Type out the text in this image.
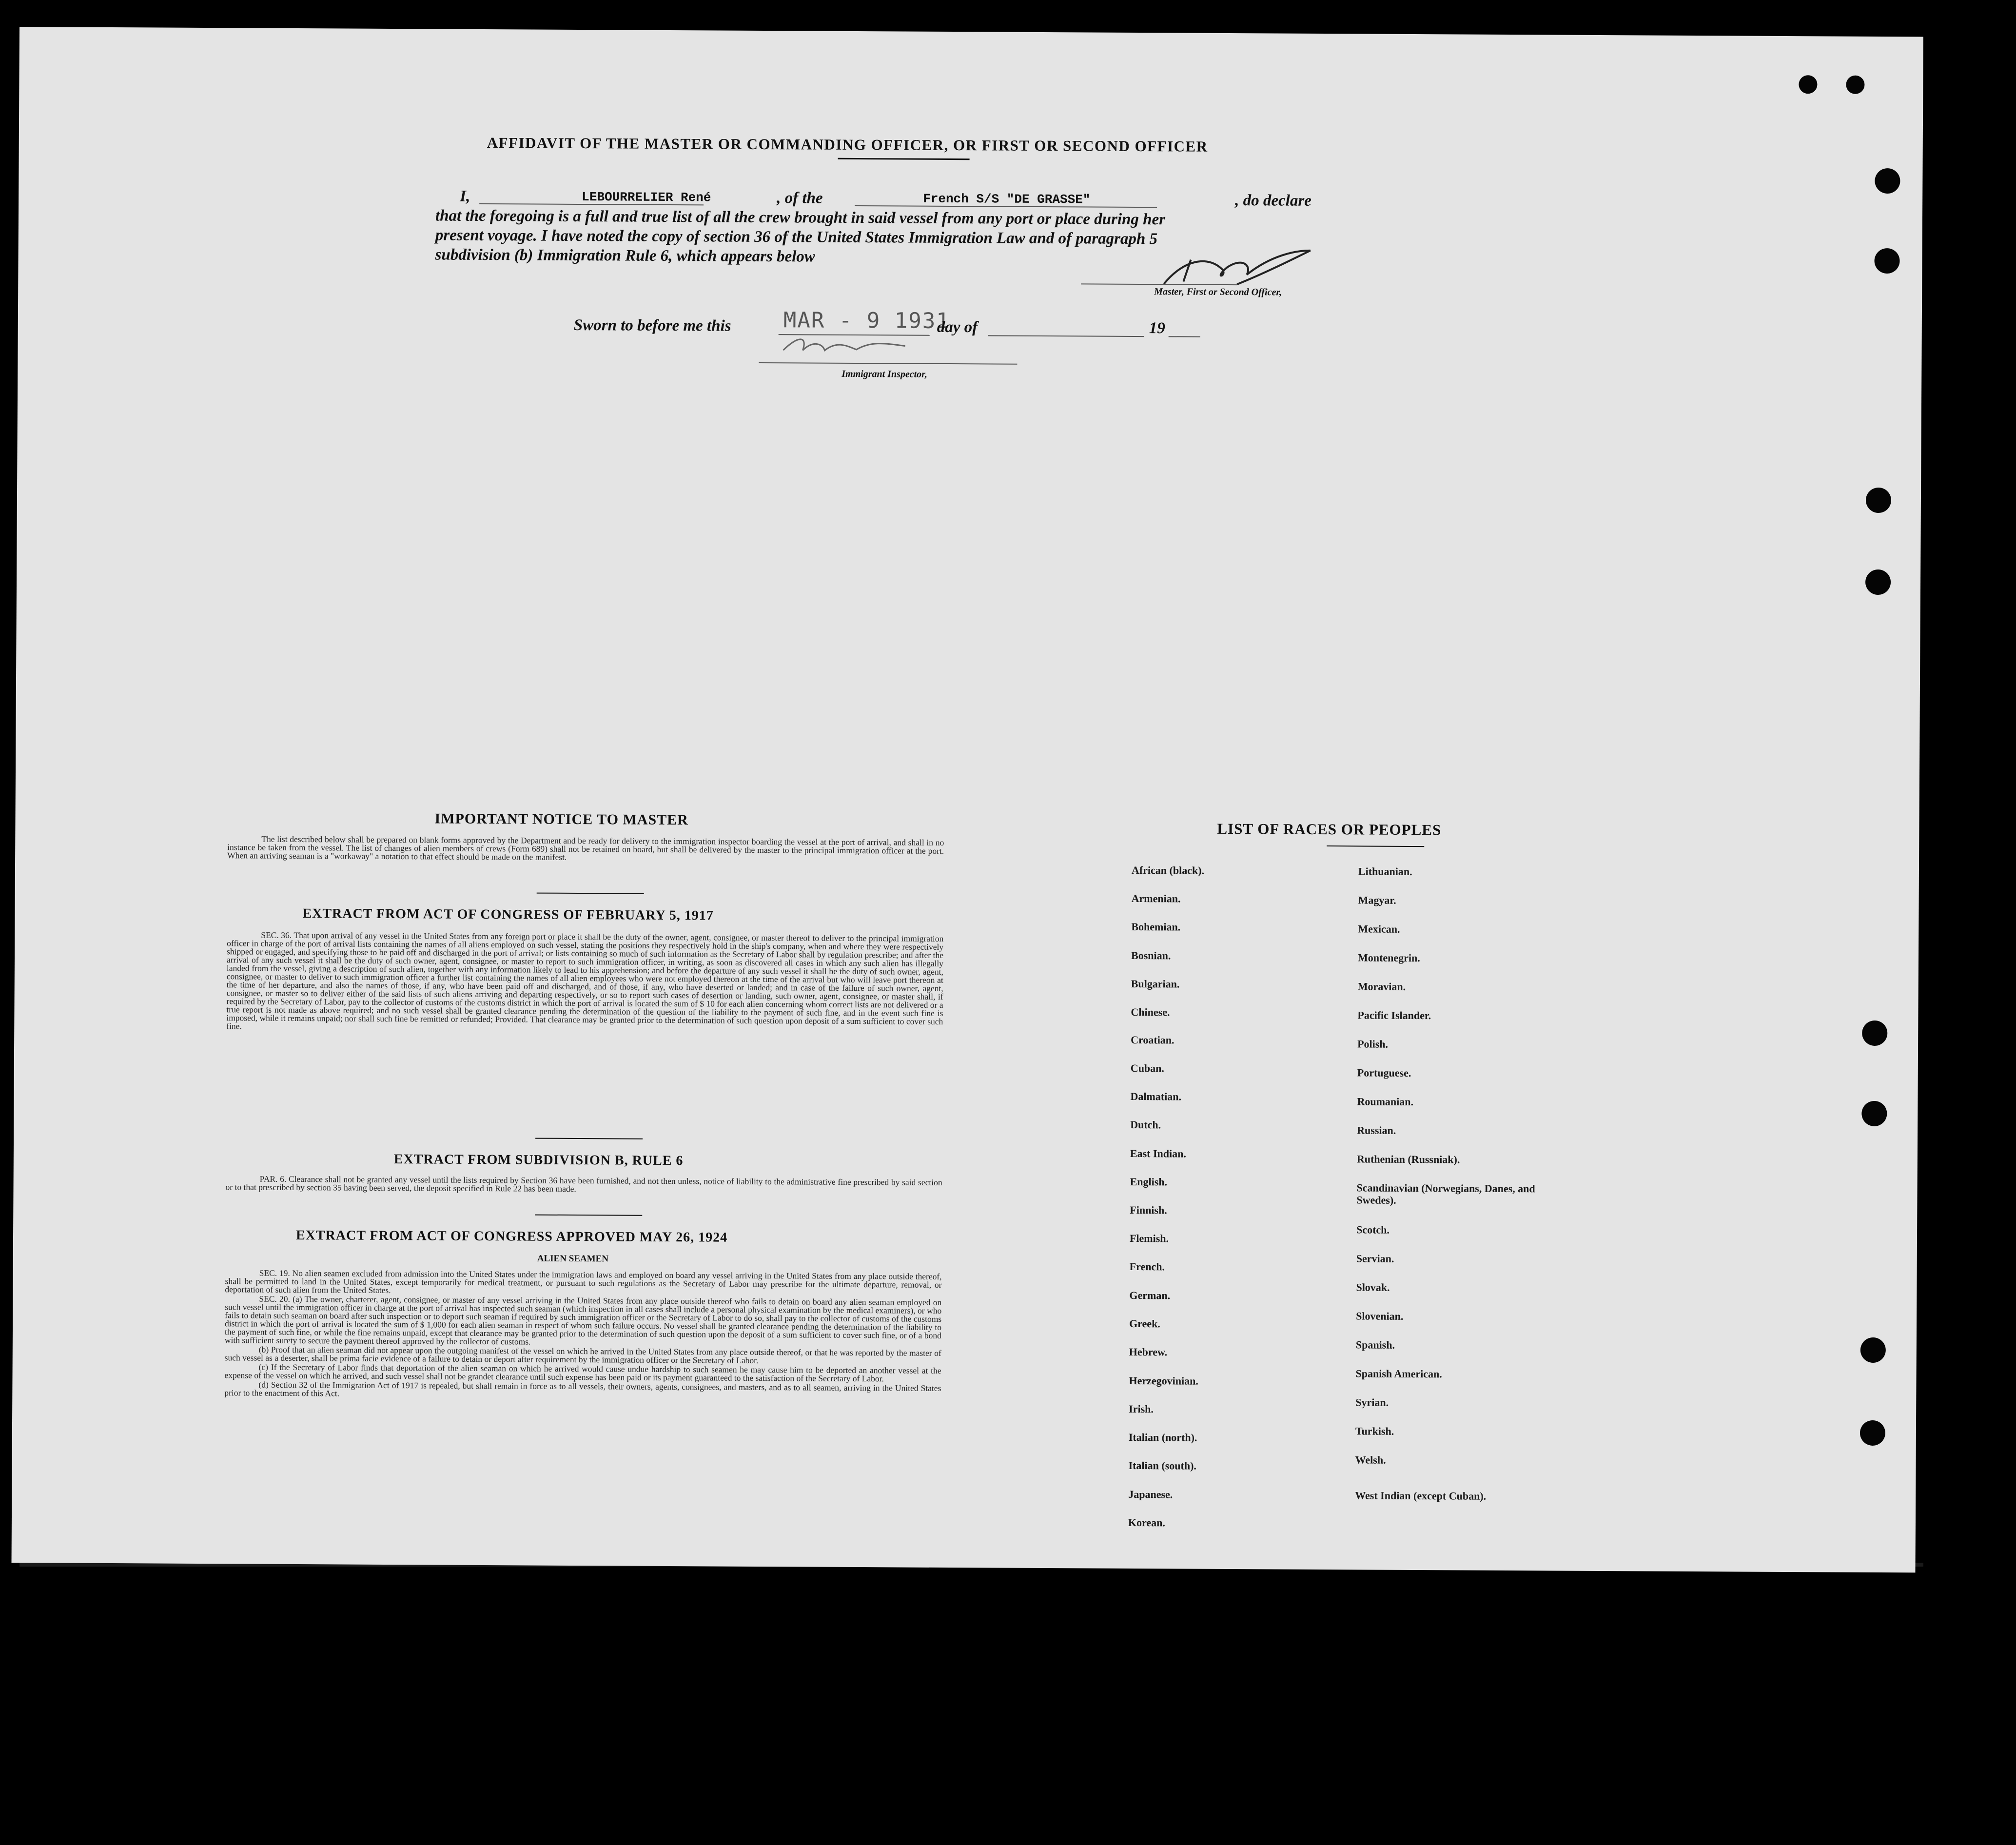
AFFIDAVIT OF THE MASTER OR COMMANDING OFFICER, OR FIRST OR SECOND OFFICER

I,	LEBOURRELIER René	, of the	French S/S "DE GRASSE"	, do declare

that the foregoing is a full and true list of all the crew brought in said vessel from any port or place during her

present voyage. I have noted the copy of section 36 of the United States Immigration Law and of paragraph 5

subdivision (b) Immigration Rule 6, which appears below

Master, First or Second Officer,
Sworn to before me this MAR - 9 1931
day of	19
Immigrant Inspector,
IMPORTANT NOTICE TO MASTER

The list described below shall be prepared on blank forms approved by the Department and be ready for delivery to the immigration inspector boarding the vessel at the port of arrival, and shall in no instance be taken from the vessel. The list of changes of alien members of crews (Form 689) shall not be retained on board, but shall be delivered by the master to the principal immigration officer at the port. When an arriving seaman is a "workaway" a notation to that effect should be made on the manifest.

EXTRACT FROM ACT OF CONGRESS OF FEBRUARY 5, 1917

SEC. 36. That upon arrival of any vessel in the United States from any foreign port or place it shall be the duty of the owner, agent, consignee, or master thereof to deliver to the principal immigration officer in charge of the port of arrival lists containing the names of all aliens employed on such vessel, stating the positions they respectively hold in the ship's company, when and where they were respectively shipped or engaged, and specifying those to be paid off and discharged in the port of arrival; or lists containing so much of such information as the Secretary of Labor shall by regulation prescribe; and after the arrival of any such vessel it shall be the duty of such owner, agent, consignee, or master to report to such immigration officer, in writing, as soon as discovered all cases in which any such alien has illegally landed from the vessel, giving a description of such alien, together with any information likely to lead to his apprehension; and before the departure of any such vessel it shall be the duty of such owner, agent, consignee, or master to deliver to such immigration officer a further list containing the names of all alien employees who were not employed thereon at the time of the arrival but who will leave port thereon at the time of her departure, and also the names of those, if any, who have been paid off and discharged, and of those, if any, who have deserted or landed; and in case of the failure of such owner, agent, consignee, or master so to deliver either of the said lists of such aliens arriving and departing respectively, or so to report such cases of desertion or landing, such owner, agent, consignee, or master shall, if required by the Secretary of Labor, pay to the collector of customs of the customs district in which the port of arrival is located the sum of $ 10 for each alien concerning whom correct lists are not delivered or a true report is not made as above required; and no such vessel shall be granted clearance pending the determination of the question of the liability to the payment of such fine, and in the event such fine is imposed, while it remains unpaid; nor shall such fine be remitted or refunded; Provided. That clearance may be granted prior to the determination of such question upon deposit of a sum sufficient to cover such fine.

EXTRACT FROM SUBDIVISION B, RULE 6

PAR. 6. Clearance shall not be granted any vessel until the lists required by Section 36 have been furnished, and not then unless, notice of liability to the administrative fine prescribed by said section or to that prescribed by section 35 having been served, the deposit specified in Rule 22 has been made.

EXTRACT FROM ACT OF CONGRESS APPROVED MAY 26, 1924
ALIEN SEAMEN

SEC. 19. No alien seamen excluded from admission into the United States under the immigration laws and employed on board any vessel arriving in the United States from any place outside thereof, shall be permitted to land in the United States, except temporarily for medical treatment, or pursuant to such regulations as the Secretary of Labor may prescribe for the ultimate departure, removal, or deportation of such alien from the United States.

SEC. 20. (a) The owner, charterer, agent, consignee, or master of any vessel arriving in the United States from any place outside thereof who fails to detain on board any alien seaman employed on such vessel until the immigration officer in charge at the port of arrival has inspected such seaman (which inspection in all cases shall include a personal physical examination by the medical examiners), or who fails to detain such seaman on board after such inspection or to deport such seaman if required by such immigration officer or the Secretary of Labor to do so, shall pay to the collector of customs of the customs district in which the port of arrival is located the sum of $ 1,000 for each alien seaman in respect of whom such failure occurs. No vessel shall be granted clearance pending the determination of the liability to the payment of such fine, or while the fine remains unpaid, except that clearance may be granted prior to the determination of such question upon the deposit of a sum sufficient to cover such fine, or of a bond with sufficient surety to secure the payment thereof approved by the collector of customs.

(b) Proof that an alien seaman did not appear upon the outgoing manifest of the vessel on which he arrived in the United States from any place outside thereof, or that he was reported by the master of such vessel as a deserter, shall be prima facie evidence of a failure to detain or deport after requirement by the immigration officer or the Secretary of Labor.

(c) If the Secretary of Labor finds that deportation of the alien seaman on which he arrived would cause undue hardship to such seamen he may cause him to be deported an another vessel at the expense of the vessel on which he arrived, and such vessel shall not be grandet clearance until such expense has been paid or its payment guaranteed to the satisfaction of the Secretary of Labor.

(d) Section 32 of the Immigration Act of 1917 is repealed, but shall remain in force as to all vessels, their owners, agents, consignees, and masters, and as to all seamen, arriving in the United States prior to the enactment of this Act.

LIST OF RACES OR PEOPLES
African (black).
Armenian.
Bohemian.
Bosnian.
Bulgarian.
Chinese.
Croatian.
Cuban.
Dalmatian.
Dutch.
East Indian.
English.
Finnish.
Flemish.
French.
German.
Greek.
Hebrew.
Herzegovinian.
Irish.
Italian (north).
Italian (south).
Japanese.
Korean.
Lithuanian.
Magyar.
Mexican.
Montenegrin.
Moravian.
Pacific Islander.
Polish.
Portuguese.
Roumanian.
Russian.
Ruthenian (Russniak).
Scandinavian (Norwegians, Danes, and Swedes).
Scotch.
Servian.
Slovak.
Slovenian.
Spanish.
Spanish American.
Syrian.
Turkish.
Welsh.
West Indian (except Cuban).
